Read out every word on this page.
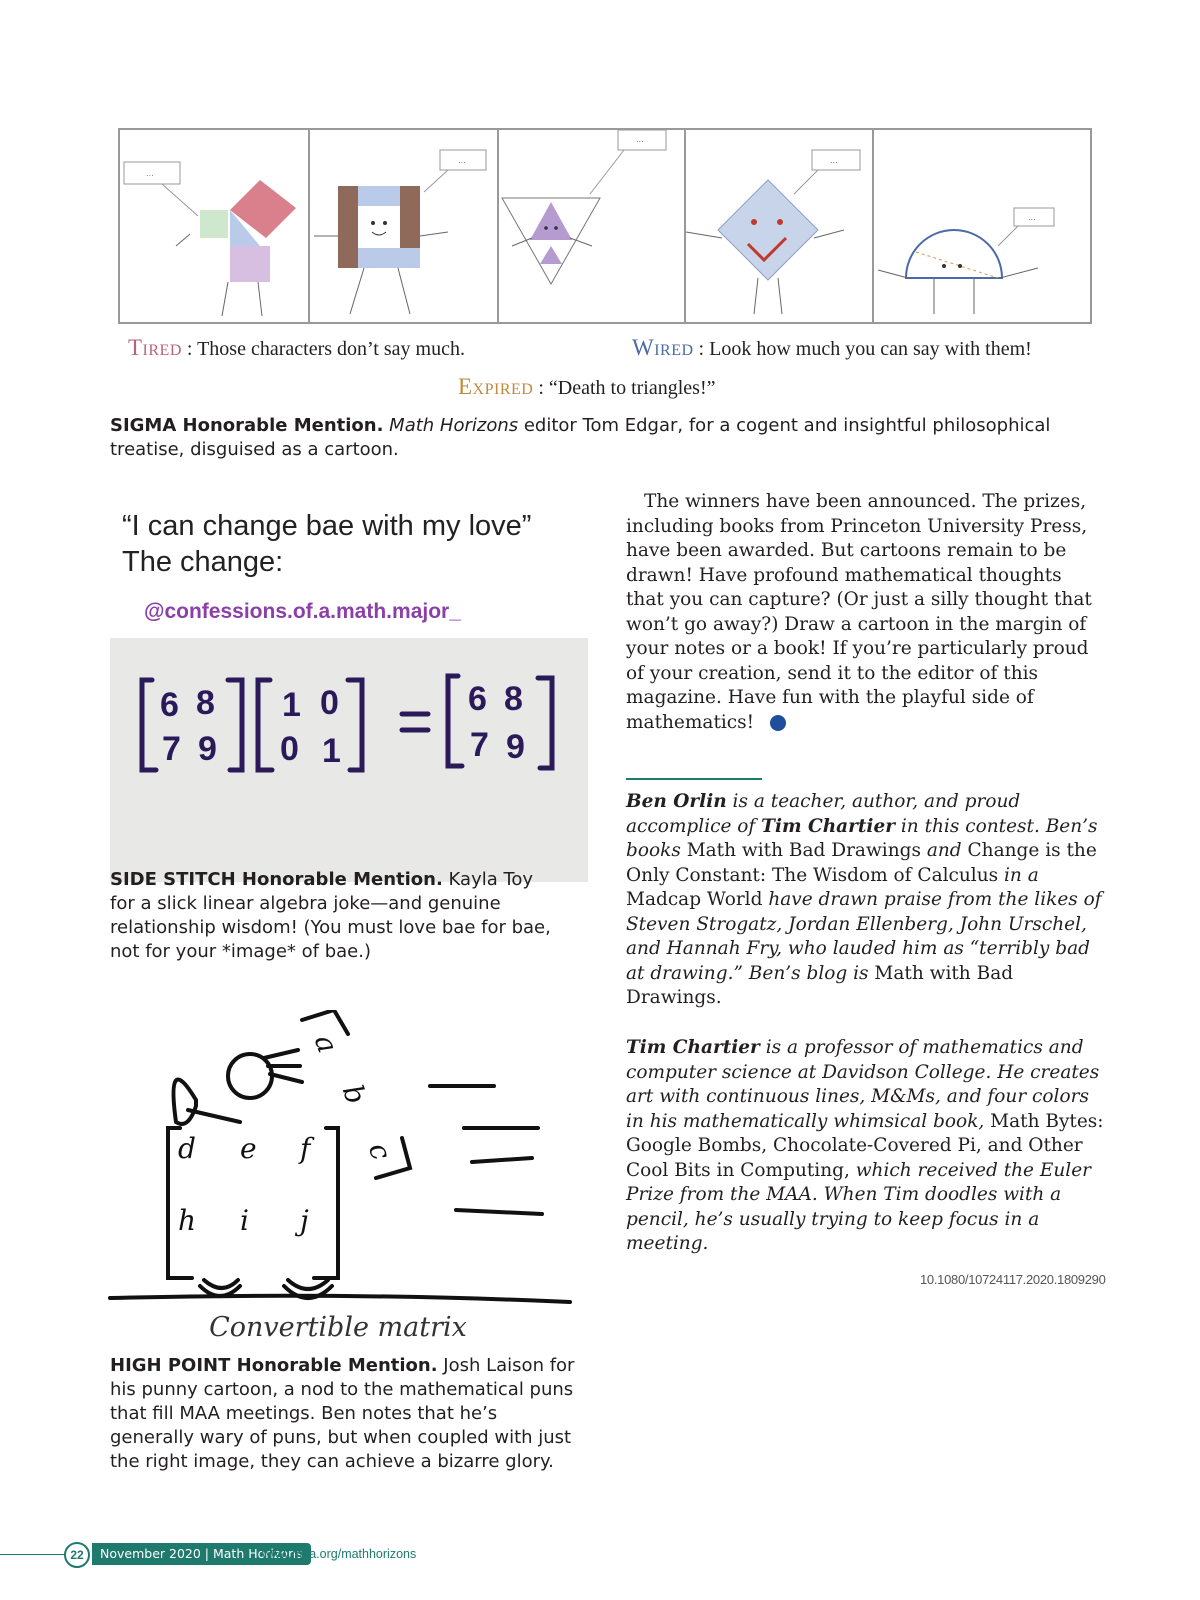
...
...
...
...
...
Tired : Those characters don’t say much.	Wired : Look how much you can say with them!
Expired : “Death to triangles!”
SIGMA Honorable Mention. Math Horizons editor Tom Edgar, for a cogent and insightful philosophical treatise, disguised as a cartoon.
“I can change bae with my love”
The change:
@confessions.of.a.math.major_
6 8
7 9
1 0
0 1
6 8
7 9
SIDE STITCH Honorable Mention. Kayla Toy for a slick linear algebra joke—and genuine relationship wisdom! (You must love bae for bae, not for your *image* of bae.)
a
b
c
d e f
h i j
Convertible matrix
HIGH POINT Honorable Mention. Josh Laison for his punny cartoon, a nod to the mathematical puns that fill MAA meetings. Ben notes that he’s generally wary of puns, but when coupled with just the right image, they can achieve a bizarre glory.
The winners have been announced. The prizes, including books from Princeton University Press, have been awarded. But cartoons remain to be drawn! Have profound mathematical thoughts that you can capture? (Or just a silly thought that won’t go away?) Draw a cartoon in the margin of your notes or a book! If you’re particularly proud of your creation, send it to the editor of this magazine. Have fun with the playful side of mathematics!
Ben Orlin is a teacher, author, and proud accomplice of Tim Chartier in this contest. Ben’s books Math with Bad Drawings and Change is the Only Constant: The Wisdom of Calculus in a Madcap World have drawn praise from the likes of Steven Strogatz, Jordan Ellenberg, John Urschel, and Hannah Fry, who lauded him as “terribly bad at drawing.” Ben’s blog is Math with Bad Drawings.
Tim Chartier is a professor of mathematics and computer science at Davidson College. He creates art with continuous lines, M&Ms, and four colors in his mathematically whimsical book, Math Bytes: Google Bombs, Chocolate-Covered Pi, and Other Cool Bits in Computing, which received the Euler Prize from the MAA. When Tim doodles with a pencil, he’s usually trying to keep focus in a meeting.
10.1080/10724117.2020.1809290
22	November 2020 | Math Horizons
www.maa.org/mathhorizons
